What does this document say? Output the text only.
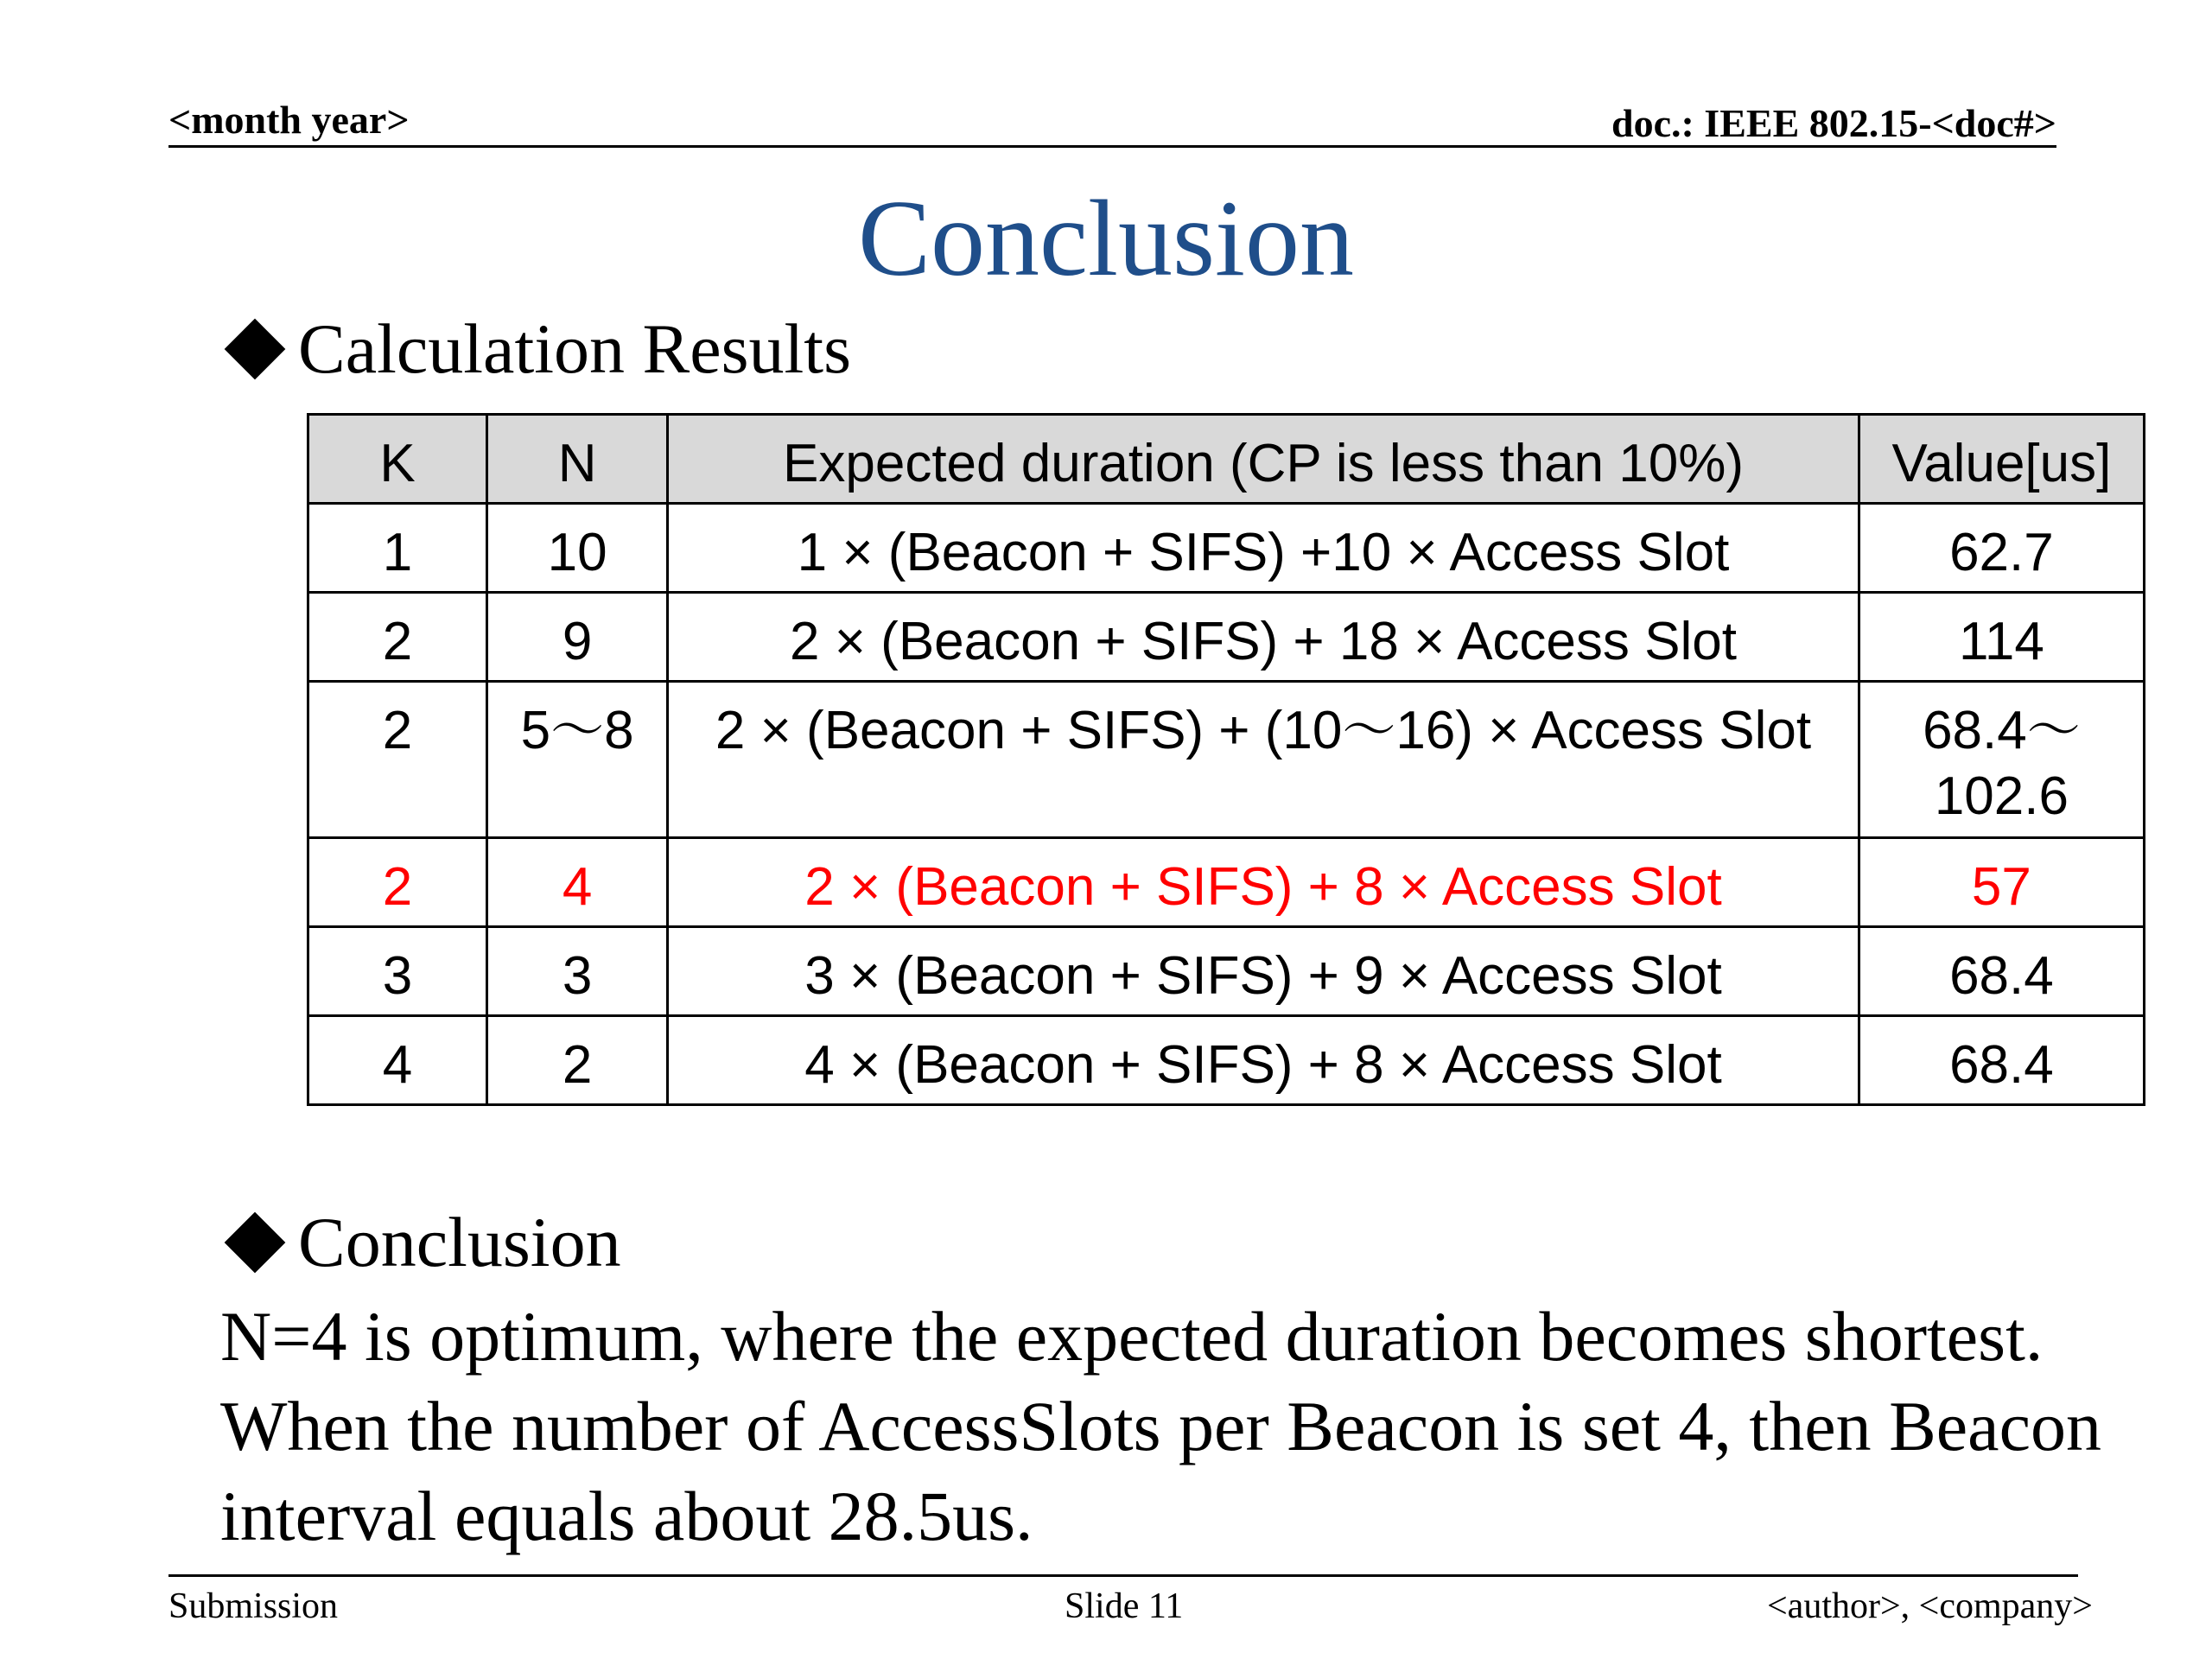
<month year>	doc.: IEEE 802.15-<doc#>
Conclusion
Calculation Results
K	N	Expected duration (CP is less than 10%)	Value[us]
1	10	1 × (Beacon + SIFS) +10 × Access Slot	62.7
2	9	2 × (Beacon + SIFS) + 18 × Access Slot	114
2	5〜8	2 × (Beacon + SIFS) + (10〜16) × Access Slot	68.4〜
102.6

2	4	2 × (Beacon + SIFS) + 8 × Access Slot	57
3	3	3 × (Beacon + SIFS) + 9 × Access Slot	68.4
4	2	4 × (Beacon + SIFS) + 8 × Access Slot	68.4
Conclusion

N=4 is optimum, where the expected duration becomes shortest.

When the number of AccessSlots per Beacon is set 4, then Beacon

interval equals about 28.5us.

Submission	Slide 11	<author>, <company>
